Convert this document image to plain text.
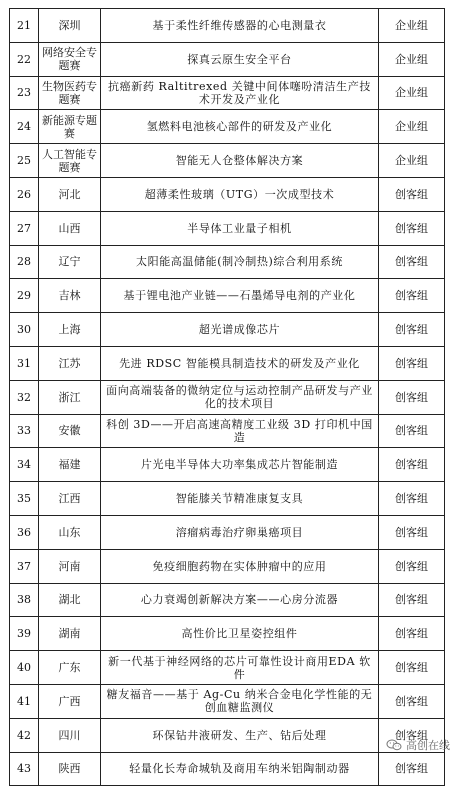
21	深圳	基于柔性纤维传感器的心电测量衣	企业组
22	网络安全专题赛	探真云原生安全平台	企业组
23	生物医药专题赛	抗癌新药 Raltitrexed 关键中间体噻吩清洁生产技术开发及产业化	企业组
24	新能源专题赛	氢燃料电池核心部件的研发及产业化	企业组
25	人工智能专题赛	智能无人仓整体解决方案	企业组
26	河北	超薄柔性玻璃（UTG）一次成型技术	创客组
27	山西	半导体工业量子相机	创客组
28	辽宁	太阳能高温储能(制冷制热)综合利用系统	创客组
29	吉林	基于锂电池产业链——石墨烯导电剂的产业化	创客组
30	上海	超光谱成像芯片	创客组
31	江苏	先进 RDSC 智能模具制造技术的研发及产业化	创客组
32	浙江	面向高端装备的微纳定位与运动控制产品研发与产业化的技术项目	创客组
33	安徽	科创 3D——开启高速高精度工业级 3D 打印机中国造	创客组
34	福建	片光电半导体大功率集成芯片智能制造	创客组
35	江西	智能膝关节精准康复支具	创客组
36	山东	溶瘤病毒治疗卵巢癌项目	创客组
37	河南	免疫细胞药物在实体肿瘤中的应用	创客组
38	湖北	心力衰竭创新解决方案——心房分流器	创客组
39	湖南	高性价比卫星姿控组件	创客组
40	广东	新一代基于神经网络的芯片可靠性设计商用EDA 软件	创客组
41	广西	糖友福音——基于 Ag-Cu 纳米合金电化学性能的无创血糖监测仪	创客组
42	四川	环保钻井液研发、生产、钻后处理	创客组
43	陕西	轻量化长寿命城轨及商用车纳米铝陶制动器	创客组
高创在线
